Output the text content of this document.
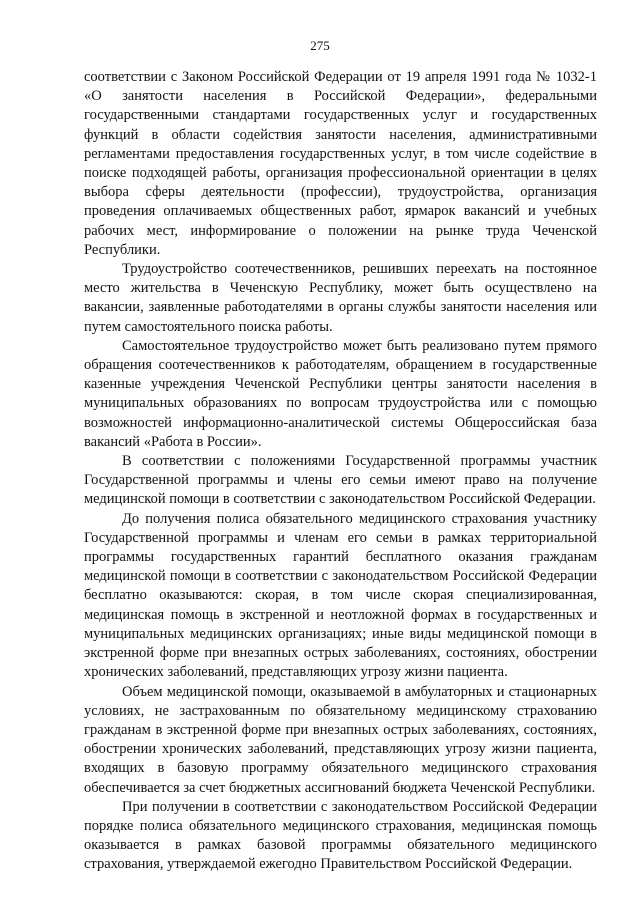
275

соответствии с Законом Российской Федерации от 19 апреля 1991 года № 1032-1 «О занятости населения в Российской Федерации», федеральными государственными стандартами государственных услуг и государственных функций в области содействия занятости населения, административными регламентами предоставления государственных услуг, в том числе содействие в поиске подходящей работы, организация профессиональной ориентации в целях выбора сферы деятельности (профессии), трудоустройства, организация проведения оплачиваемых общественных работ, ярмарок вакансий и учебных рабочих мест, информирование о положении на рынке труда Чеченской Республики.

Трудоустройство соотечественников, решивших переехать на постоянное место жительства в Чеченскую Республику, может быть осуществлено на вакансии, заявленные работодателями в органы службы занятости населения или путем самостоятельного поиска работы.

Самостоятельное трудоустройство может быть реализовано путем прямого обращения соотечественников к работодателям, обращением в государственные казенные учреждения Чеченской Республики центры занятости населения в муниципальных образованиях по вопросам трудоустройства или с помощью возможностей информационно-аналитической системы Общероссийская база вакансий «Работа в России».

В соответствии с положениями Государственной программы участник Государственной программы и члены его семьи имеют право на получение медицинской помощи в соответствии с законодательством Российской Федерации.

До получения полиса обязательного медицинского страхования участнику Государственной программы и членам его семьи в рамках территориальной программы государственных гарантий бесплатного оказания гражданам медицинской помощи в соответствии с законодательством Российской Федерации бесплатно оказываются: скорая, в том числе скорая специализированная, медицинская помощь в экстренной и неотложной формах в государственных и муниципальных медицинских организациях; иные виды медицинской помощи в экстренной форме при внезапных острых заболеваниях, состояниях, обострении хронических заболеваний, представляющих угрозу жизни пациента.

Объем медицинской помощи, оказываемой в амбулаторных и стационарных условиях, не застрахованным по обязательному медицинскому страхованию гражданам в экстренной форме при внезапных острых заболеваниях, состояниях, обострении хронических заболеваний, представляющих угрозу жизни пациента, входящих в базовую программу обязательного медицинского страхования обеспечивается за счет бюджетных ассигнований бюджета Чеченской Республики.

При получении в соответствии с законодательством Российской Федерации порядке полиса обязательного медицинского страхования, медицинская помощь оказывается в рамках базовой программы обязательного медицинского страхования, утверждаемой ежегодно Правительством Российской Федерации.
